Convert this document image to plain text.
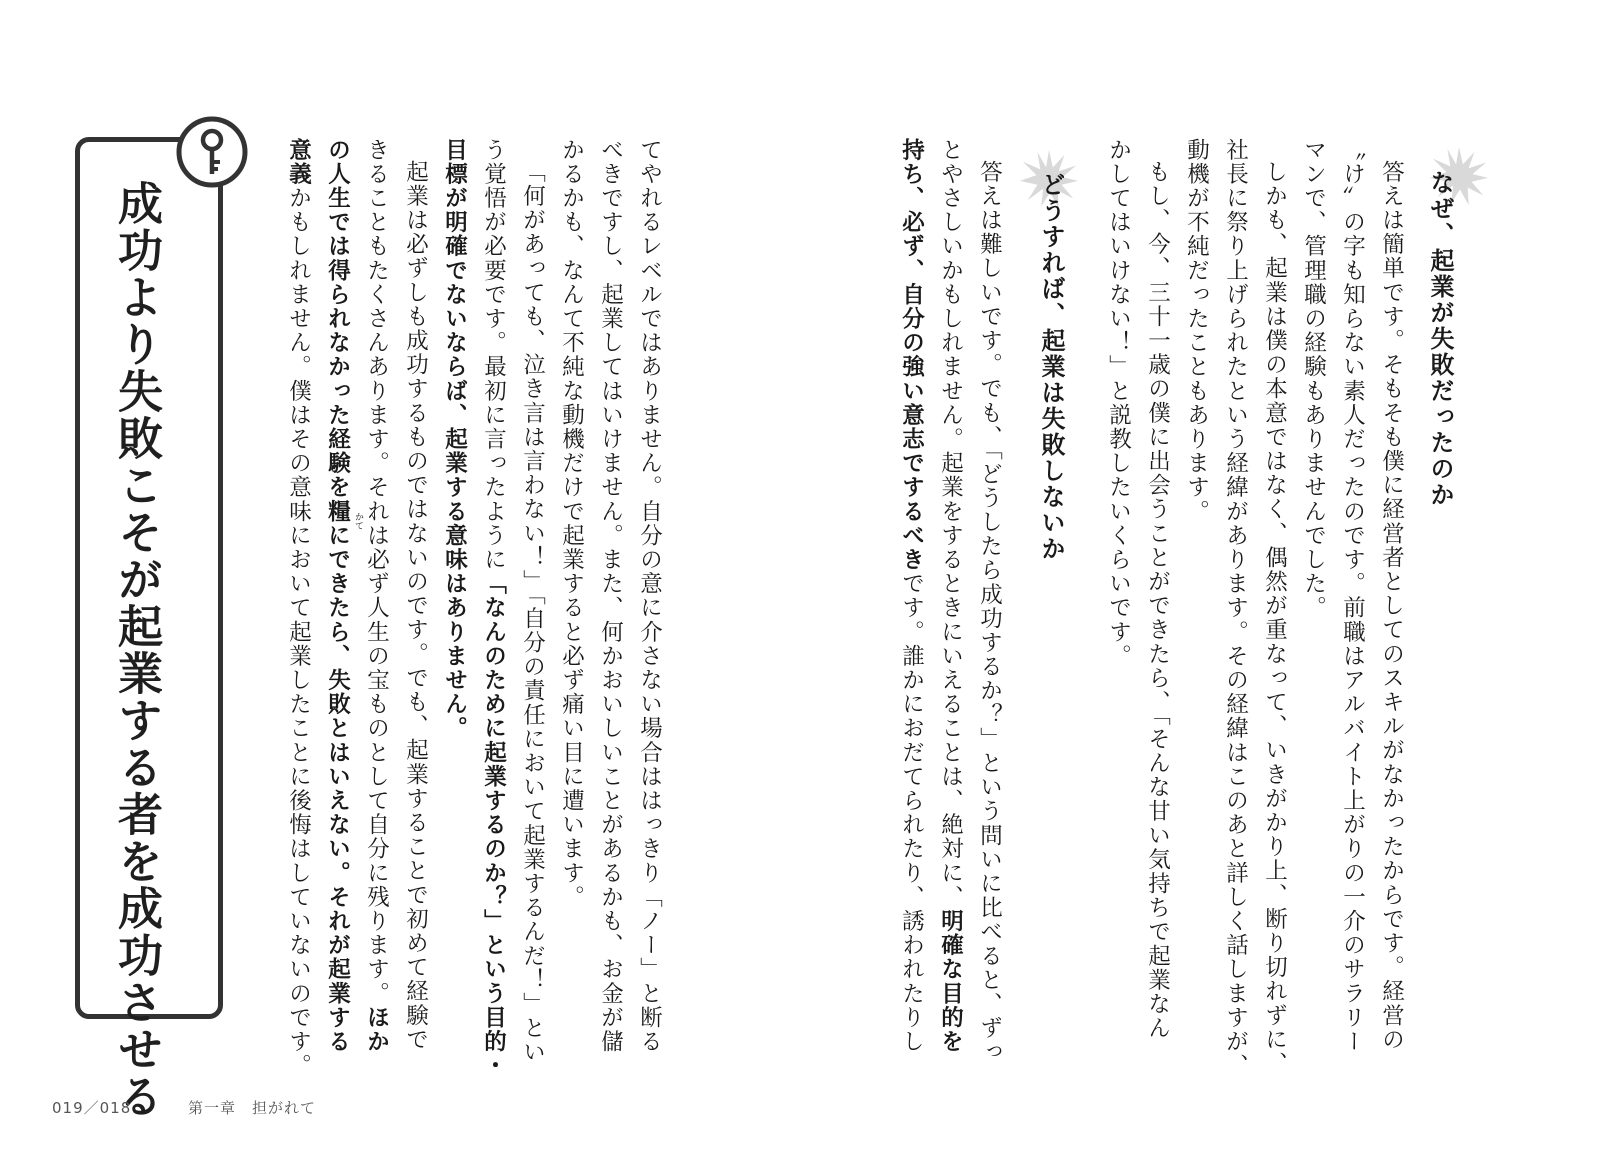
なぜ、起業が失敗だったのか
答えは簡単です。そもそも僕に経営者としてのスキルがなかったからです。経営の
〝け〟の字も知らない素人だったのです。前職はアルバイト上がりの一介のサラリー
マンで、管理職の経験もありませんでした。
しかも、起業は僕の本意ではなく、偶然が重なって、いきがかり上、断り切れずに、
社長に祭り上げられたという経緯があります。その経緯はこのあと詳しく話しますが、
動機が不純だったこともあります。
もし、今、三十一歳の僕に出会うことができたら、「そんな甘い気持ちで起業なん
かしてはいけない！」と説教したいくらいです。
どうすれば、起業は失敗しないか
答えは難しいです。でも、「どうしたら成功するか？」という問いに比べると、ずっ
とやさしいかもしれません。起業をするときにいえることは、絶対に、明確な目的を
持ち、必ず、自分の強い意志でするべきです。誰かにおだてられたり、誘われたりし
てやれるレベルではありません。自分の意に介さない場合ははっきり「ノー」と断る
べきですし、起業してはいけません。また、何かおいしいことがあるかも、お金が儲
かるかも、なんて不純な動機だけで起業すると必ず痛い目に遭います。
「何があっても、泣き言は言わない！」「自分の責任において起業するんだ！」とい
う覚悟が必要です。最初に言ったように「なんのために起業するのか？」という目的・
目標が明確でないならば、起業する意味はありません。
起業は必ずしも成功するものではないのです。でも、起業することで初めて経験で
きることもたくさんあります。それは必ず人生の宝ものとして自分に残ります。ほか
の人生では得られなかった経験を糧にできたら、失敗とはいえない。それが起業する
意義かもしれません。僕はその意味において起業したことに後悔はしていないのです。	かて
成功より失敗こそが起業する者を成功させる
019／018	第一章　担がれて
